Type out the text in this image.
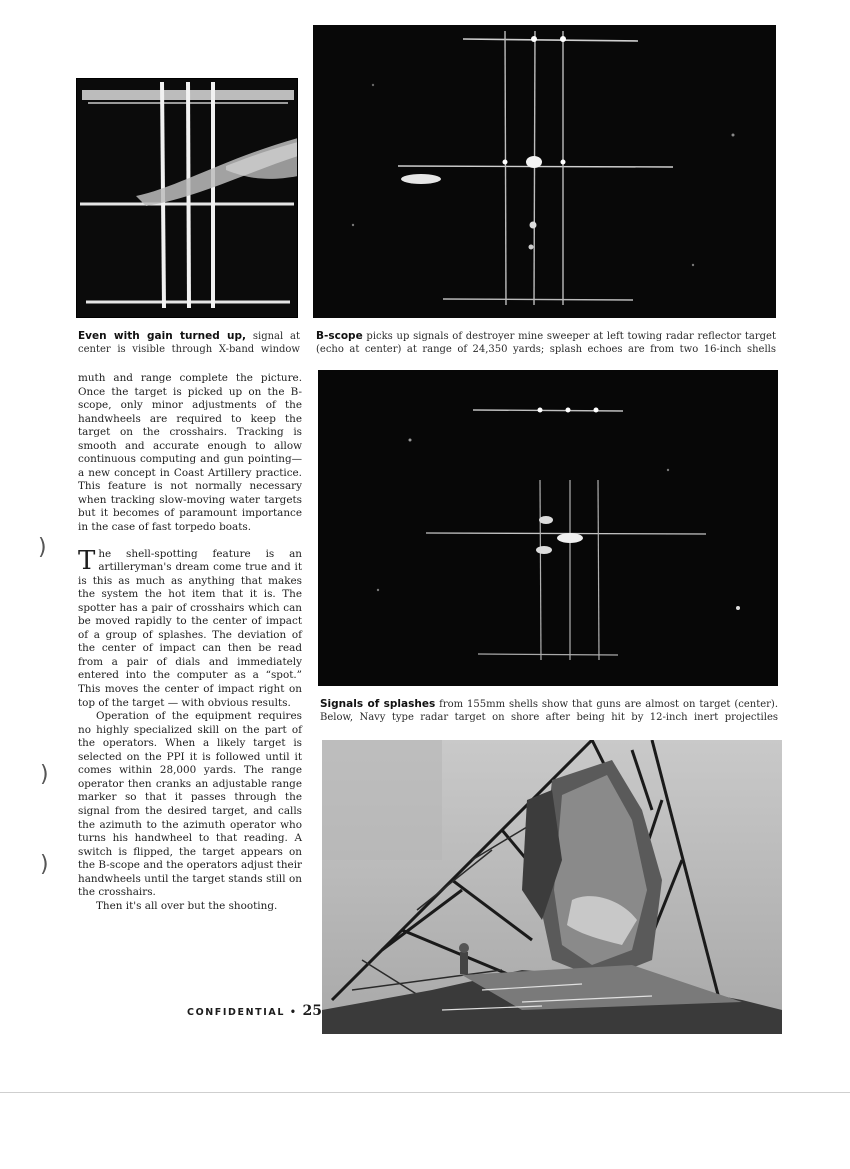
)
)
)
Even with gain turned up, signal at center is visible through X-band window
B-scope picks up signals of destroyer mine sweeper at left towing radar reflector target (echo at center) at range of 24,350 yards; splash echoes are from two 16-inch shells
Signals of splashes from 155mm shells show that guns are almost on target (center). Below, Navy type radar target on shore after being hit by 12-inch inert projectiles

muth and range complete the picture. Once the target is picked up on the B-scope, only minor adjustments of the handwheels are required to keep the target on the crosshairs. Tracking is smooth and accurate enough to allow continuous computing and gun pointing—a new concept in Coast Artillery practice. This feature is not normally necessary when tracking slow-moving water targets but it becomes of paramount importance in the case of fast torpedo boats.

The shell-spotting feature is an artilleryman's dream come true and it is this as much as anything that makes the system the hot item that it is. The spotter has a pair of crosshairs which can be moved rapidly to the center of impact of a group of splashes. The deviation of the center of impact can then be read from a pair of dials and immediately entered into the computer as a “spot.” This moves the center of impact right on top of the target — with obvious results.

Operation of the equipment requires no highly specialized skill on the part of the operators. When a likely target is selected on the PPI it is followed until it comes within 28,000 yards. The range operator then cranks an adjustable range marker so that it passes through the signal from the desired target, and calls the azimuth to the azimuth operator who turns his handwheel to that reading. A switch is flipped, the target appears on the B-scope and the operators adjust their handwheels until the target stands still on the crosshairs.

Then it's all over but the shooting.

CONFIDENTIAL • 25
